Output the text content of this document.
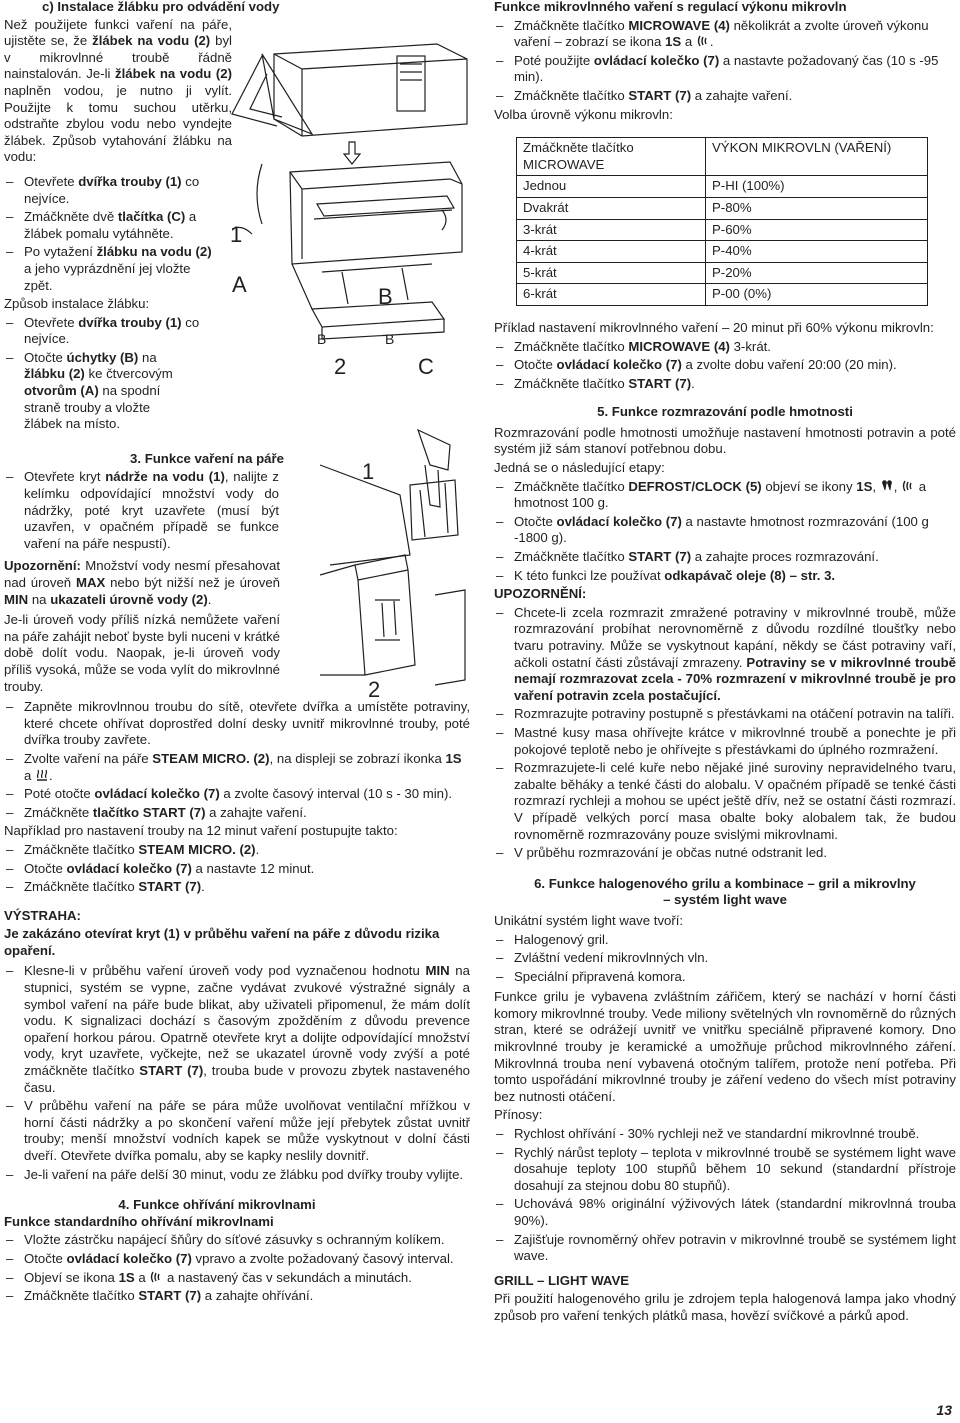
c) Instalace žlábku pro odvádění vody
Než použijete funkci vaření na páře, ujistěte se, že žlábek na vodu (2) byl v mikrovlnné troubě řádně nainstalován. Je-li žlábek na vodu (2) naplněn vodou, je nutno ji vylít. Použijte k tomu suchou utěrku, odstraňte zbylou vodu nebo vyndejte žlábek. Způsob vytahování žlábku na vodu:
– Otevřete dvířka trouby (1) co nejvíce.
– Zmáčkněte dvě tlačítka (C) a žlábek pomalu vytáhněte.
– Po vytažení žlábku na vodu (2) a jeho vyprázdnění jej vložte zpět.

Způsob instalace žlábku:

– Otevřete dvířka trouby (1) co nejvíce.
– Otočte úchytky (B) na žlábku (2) ke čtvercovým otvorům (A) na spodní straně trouby a vložte žlábek na místo.
3. Funkce vaření na páře
– Otevřete kryt nádrže na vodu (1), nalijte z kelímku odpovídající množství vody do nádržky, poté kryt uzavřete (musí být uzavřen, v opačném případě se funkce vaření na páře nespustí).

Upozornění: Množství vody nesmí přesahovat nad úroveň MAX nebo být nižší než je úroveň MIN na ukazateli úrovně vody (2).

Je-li úroveň vody příliš nízká nemůžete vaření na páře zahájit neboť byste byli nuceni v krátké době dolít vodu. Naopak, je-li úroveň vody příliš vysoká, může se voda vylít do mikrovlnné trouby.

– Zapněte mikrovlnnou troubu do sítě, otevřete dvířka a umístěte potraviny, které chcete ohřívat doprostřed dolní desky uvnitř mikrovlnné trouby, poté dvířka trouby zavřete.
– Zvolte vaření na páře STEAM MICRO. (2), na displeji se zobrazí ikonka 1S a .
– Poté otočte ovládací kolečko (7) a zvolte časový interval (10 s - 30 min).
– Zmáčkněte tlačítko START (7) a zahajte vaření.

Například pro nastavení trouby na 12 minut vaření postupujte takto:

– Zmáčkněte tlačítko STEAM MICRO. (2).
– Otočte ovládací kolečko (7) a nastavte 12 minut.
– Zmáčkněte tlačítko START (7).

VÝSTRAHA:

Je zakázáno otevírat kryt (1) v průběhu vaření na páře z důvodu rizika opaření.

– Klesne-li v průběhu vaření úroveň vody pod vyznačenou hodnotu MIN na stupnici, systém se vypne, začne vydávat zvukové výstražné signály a symbol vaření na páře bude blikat, aby uživateli připomenul, že mám dolít vodu. K signalizaci dochází s časovým zpožděním z důvodu prevence opaření horkou párou. Opatrně otevřete kryt a dolijte odpovídající množství vody, kryt uzavřete, vyčkejte, než se ukazatel úrovně vody zvýší a poté zmáčkněte tlačítko START (7), trouba bude v provozu zbytek nastaveného času.
– V průběhu vaření na páře se pára může uvolňovat ventilační mřížkou v horní části nádržky a po skončení vaření může její přebytek zůstat uvnitř trouby; menší množství vodních kapek se může vyskytnout v dolní části dveří. Otevřete dvířka pomalu, aby se kapky neslily dovnitř.
– Je-li vaření na páře delší 30 minut, vodu ze žlábku pod dvířky trouby vylijte.
4. Funkce ohřívání mikrovlnami

Funkce standardního ohřívání mikrovlnami

– Vložte zástrčku napájecí šňůry do síťové zásuvky s ochranným kolíkem.
– Otočte ovládací kolečko (7) vpravo a zvolte požadovaný časový interval.
– Objeví se ikona 1S a  a nastavený čas v sekundách a minutách.
– Zmáčkněte tlačítko START (7) a zahajte ohřívání.
1
A	B
B	B
2	C
1
2

Funkce mikrovlnného vaření s regulací výkonu mikrovln

– Zmáčkněte tlačítko MICROWAVE (4) několikrát a zvolte úroveň výkonu vaření – zobrazí se ikona 1S a .
– Poté použijte ovládací kolečko (7) a nastavte požadovaný čas (10 s -95 min).
– Zmáčkněte tlačítko START (7) a zahajte vaření.

Volba úrovně výkonu mikrovln:

Zmáčkněte tlačítko MICROWAVE	VÝKON MIKROVLN (VAŘENÍ)
Jednou	P-HI (100%)
Dvakrát	P-80%
3-krát	P-60%
4-krát	P-40%
5-krát	P-20%
6-krát	P-00 (0%)

Příklad nastavení mikrovlnného vaření – 20 minut při 60% výkonu mikrovln:

– Zmáčkněte tlačítko MICROWAVE (4) 3-krát.
– Otočte ovládací kolečko (7) a zvolte dobu vaření 20:00 (20 min).
– Zmáčkněte tlačítko START (7).
5. Funkce rozmrazování podle hmotnosti

Rozmrazování podle hmotnosti umožňuje nastavení hmotnosti potravin a poté systém již sám stanoví potřebnou dobu.

Jedná se o následující etapy:

– Zmáčkněte tlačítko DEFROST/CLOCK (5) objeví se ikony 1S, ,  a hmotnost 100 g.
– Otočte ovládací kolečko (7) a nastavte hmotnost rozmrazování (100 g -1800 g).
– Zmáčkněte tlačítko START (7) a zahajte proces rozmrazování.
– K této funkci lze používat odkapávač oleje (8) – str. 3.

UPOZORNĚNÍ:

– Chcete-li zcela rozmrazit zmražené potraviny v mikrovlnné troubě, může rozmrazování probíhat nerovnoměrně z důvodu rozdílné tloušťky nebo tvaru potraviny. Může se vyskytnout kapání, někdy se část potraviny vaří, ačkoli ostatní části zůstávají zmrazeny. Potraviny se v mikrovlnné troubě nemají rozmrazovat zcela - 70% rozmrazení v mikrovlnné troubě je pro vaření potravin zcela postačující.
– Rozmrazujte potraviny postupně s přestávkami na otáčení potravin na talíři.
– Mastné kusy masa ohřívejte krátce v mikrovlnné troubě a ponechte je při pokojové teplotě nebo je ohřívejte s přestávkami do úplného rozmražení.
– Rozmrazujete-li celé kuře nebo nějaké jiné suroviny nepravidelného tvaru, zabalte běháky a tenké části do alobalu. V opačném případě se tenké části rozmrazí rychleji a mohou se upéct ještě dřív, než se ostatní části rozmrazí. V případě velkých porcí masa obalte boky alobalem tak, že budou rovnoměrně rozmrazovány pouze svislými mikrovlnami.
– V průběhu rozmrazování je občas nutné odstranit led.
6. Funkce halogenového grilu a kombinace – gril a mikrovlny – systém light wave

Unikátní systém light wave tvoří:

– Halogenový gril.
– Zvláštní vedení mikrovlnných vln.
– Speciální připravená komora.

Funkce grilu je vybavena zvláštním zářičem, který se nachází v horní části komory mikrovlnné trouby. Vede miliony světelných vln rovnoměrně do různých stran, které se odrážejí uvnitř ve vnitřku speciálně připravené komory. Dno mikrovlnné trouby je keramické a umožňuje průchod mikrovlnného záření. Mikrovlnná trouba není vybavená otočným talířem, protože není potřeba. Při tomto uspořádání mikrovlnné trouby je záření vedeno do všech míst potraviny bez nutnosti otáčení.

Přínosy:

– Rychlost ohřívání - 30% rychleji než ve standardní mikrovlnné troubě.
– Rychlý nárůst teploty – teplota v mikrovlnné troubě se systémem light wave dosahuje teploty 100 stupňů během 10 sekund (standardní přístroje dosahují za stejnou dobu 80 stupňů).
– Uchovává 98% originální výživových látek (standardní mikrovlnná trouba 90%).
– Zajišťuje rovnoměrný ohřev potravin v mikrovlnné troubě se systémem light wave.

GRILL – LIGHT WAVE

Při použití halogenového grilu je zdrojem tepla halogenová lampa jako vhodný způsob pro vaření tenkých plátků masa, hovězí svíčkové a párků apod.

13
